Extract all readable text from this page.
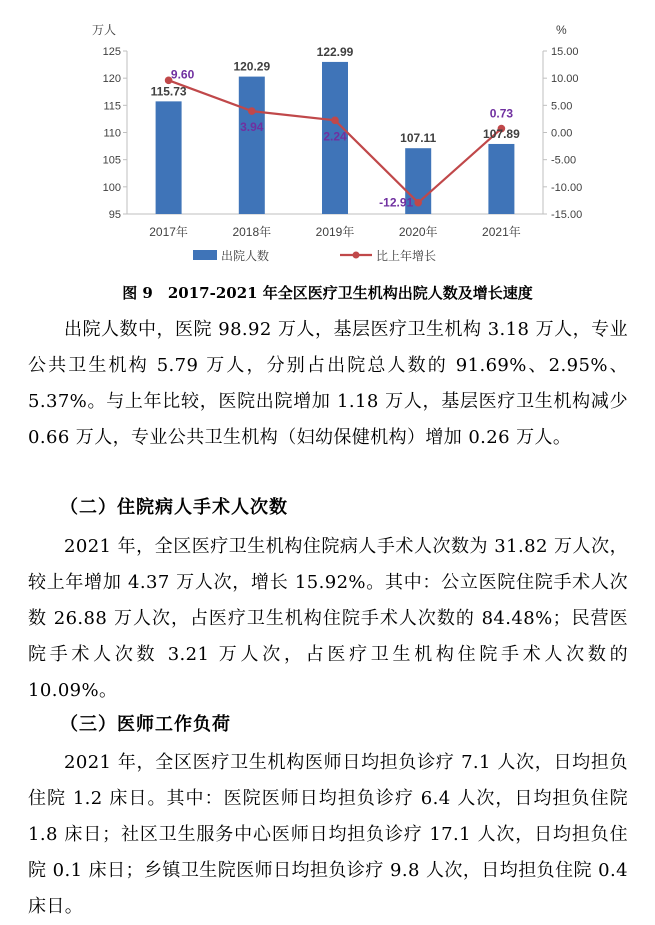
万人	%
95
100
105
110
115
120
125
-15.00
-10.00
-5.00
0.00
5.00
10.00
15.00
2017年	2018年	2019年	2020年	2021年
115.73
120.29
122.99
107.11	107.89
9.60
3.94
2.24
-12.91
0.73
出院人数	比上年增长
图 9　2017-2021 年全区医疗卫生机构出院人数及增长速度

出院人数中，医院 98.92 万人，基层医疗卫生机构 3.18 万人，专业公共卫生机构 5.79 万人，分别占出院总人数的 91.69%、2.95%、5.37%。与上年比较，医院出院增加 1.18 万人，基层医疗卫生机构减少 0.66 万人，专业公共卫生机构（妇幼保健机构）增加 0.26 万人。

（二）住院病人手术人次数

2021 年，全区医疗卫生机构住院病人手术人次数为 31.82 万人次，较上年增加 4.37 万人次，增长 15.92%。其中：公立医院住院手术人次数 26.88 万人次，占医疗卫生机构住院手术人次数的 84.48%；民营医院手术人次数 3.21 万人次，占医疗卫生机构住院手术人次数的 10.09%。

（三）医师工作负荷

2021 年，全区医疗卫生机构医师日均担负诊疗 7.1 人次，日均担负住院 1.2 床日。其中：医院医师日均担负诊疗 6.4 人次，日均担负住院 1.8 床日；社区卫生服务中心医师日均担负诊疗 17.1 人次，日均担负住院 0.1 床日；乡镇卫生院医师日均担负诊疗 9.8 人次，日均担负住院 0.4 床日。
